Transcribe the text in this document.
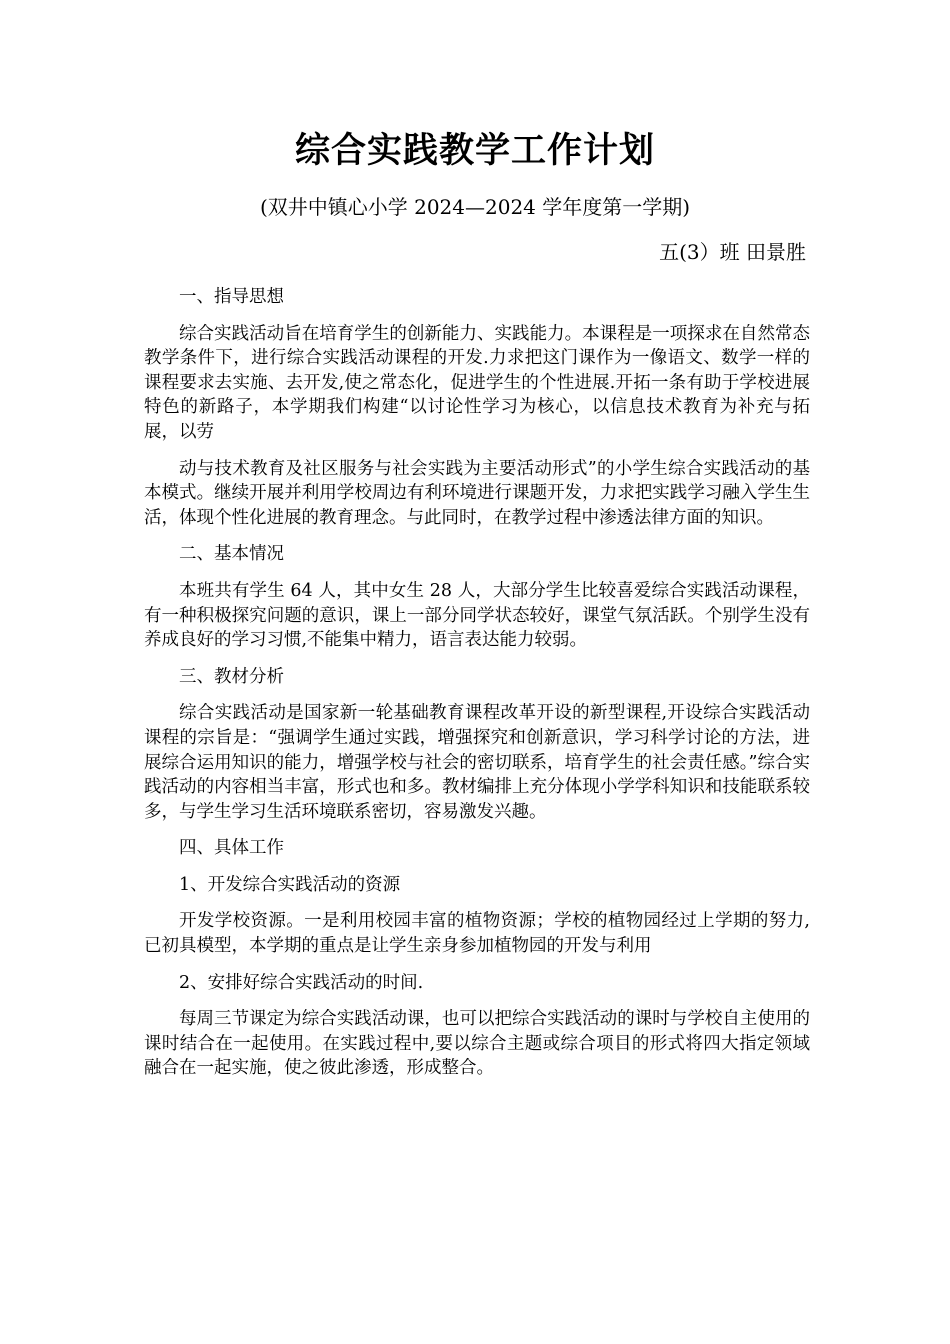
综合实践教学工作计划
(双井中镇心小学 2024—2024 学年度第一学期)
五(3）班 田景胜

一、指导思想

综合实践活动旨在培育学生的创新能力、实践能力。本课程是一项探求在自然常态教学条件下，进行综合实践活动课程的开发.力求把这门课作为一像语文、数学一样的课程要求去实施、去开发,使之常态化，促进学生的个性进展.开拓一条有助于学校进展特色的新路子，本学期我们构建“以讨论性学习为核心，以信息技术教育为补充与拓展，以劳

动与技术教育及社区服务与社会实践为主要活动形式”的小学生综合实践活动的基本模式。继续开展并利用学校周边有利环境进行课题开发，力求把实践学习融入学生生活，体现个性化进展的教育理念。与此同时，在教学过程中渗透法律方面的知识。

二、基本情况

本班共有学生 64 人，其中女生 28 人，大部分学生比较喜爱综合实践活动课程，有一种积极探究问题的意识，课上一部分同学状态较好，课堂气氛活跃。个别学生没有养成良好的学习习惯,不能集中精力，语言表达能力较弱。

三、教材分析

综合实践活动是国家新一轮基础教育课程改革开设的新型课程,开设综合实践活动课程的宗旨是：“强调学生通过实践，增强探究和创新意识，学习科学讨论的方法，进展综合运用知识的能力，增强学校与社会的密切联系，培育学生的社会责任感。”综合实践活动的内容相当丰富，形式也和多。教材编排上充分体现小学学科知识和技能联系较多，与学生学习生活环境联系密切，容易激发兴趣。

四、具体工作

1、开发综合实践活动的资源

开发学校资源。一是利用校园丰富的植物资源；学校的植物园经过上学期的努力,已初具模型，本学期的重点是让学生亲身参加植物园的开发与利用

2、安排好综合实践活动的时间.

每周三节课定为综合实践活动课，也可以把综合实践活动的课时与学校自主使用的课时结合在一起使用。在实践过程中,要以综合主题或综合项目的形式将四大指定领域融合在一起实施，使之彼此渗透，形成整合。
